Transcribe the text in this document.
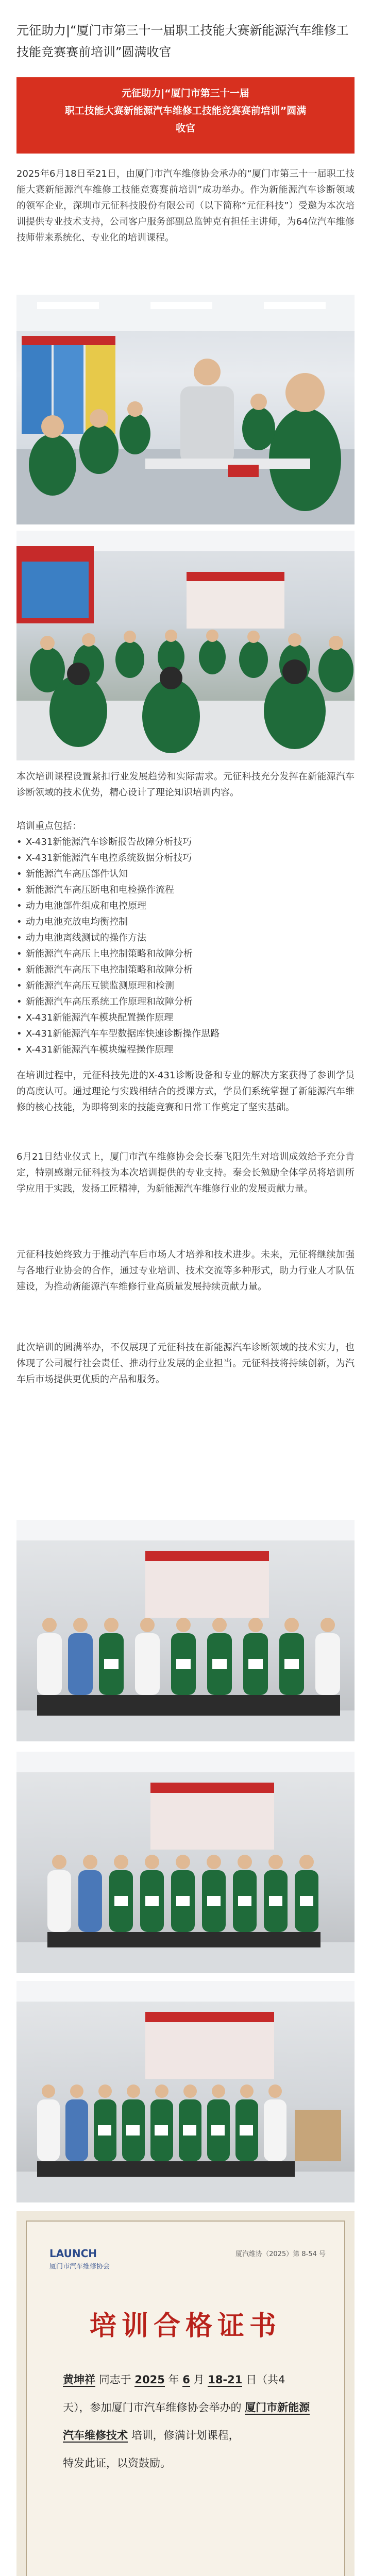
元征助力|“厦门市第三十一届职工技能大赛新能源汽车维修工技能竞赛赛前培训”圆满收官
元征助力|“厦门市第三十一届
职工技能大赛新能源汽车维修工技能竞赛赛前培训”圆满
收官
2025年6月18日至21日，由厦门市汽车维修协会承办的“厦门市第三十一届职工技能大赛新能源汽车维修工技能竞赛赛前培训”成功举办。作为新能源汽车诊断领域的领军企业，深圳市元征科技股份有限公司（以下简称“元征科技”）受邀为本次培训提供专业技术支持，公司客户服务部副总监钟克有担任主讲师，为64位汽车维修技师带来系统化、专业化的培训课程。
本次培训课程设置紧扣行业发展趋势和实际需求。元征科技充分发挥在新能源汽车诊断领域的技术优势，精心设计了理论知识培训内容。
培训重点包括：
• X-431新能源汽车诊断报告故障分析技巧
• X-431新能源汽车电控系统数据分析技巧
• 新能源汽车高压部件认知
• 新能源汽车高压断电和电检操作流程
• 动力电池部件组成和电控原理
• 动力电池充放电均衡控制
• 动力电池离线测试的操作方法
• 新能源汽车高压上电控制策略和故障分析
• 新能源汽车高压下电控制策略和故障分析
• 新能源汽车高压互锁监测原理和检测
• 新能源汽车高压系统工作原理和故障分析
• X-431新能源汽车模块配置操作原理
• X-431新能源汽车车型数据库快速诊断操作思路
• X-431新能源汽车模块编程操作原理
在培训过程中，元征科技先进的X-431诊断设备和专业的解决方案获得了参训学员的高度认可。通过理论与实践相结合的授课方式，学员们系统掌握了新能源汽车维修的核心技能，为即将到来的技能竞赛和日常工作奠定了坚实基础。
6月21日结业仪式上，厦门市汽车维修协会会长秦飞阳先生对培训成效给予充分肯定，特别感谢元征科技为本次培训提供的专业支持。秦会长勉励全体学员将培训所学应用于实践，发扬工匠精神，为新能源汽车维修行业的发展贡献力量。
元征科技始终致力于推动汽车后市场人才培养和技术进步。未来，元征将继续加强与各地行业协会的合作，通过专业培训、技术交流等多种形式，助力行业人才队伍建设，为推动新能源汽车维修行业高质量发展持续贡献力量。
此次培训的圆满举办，不仅展现了元征科技在新能源汽车诊断领域的技术实力，也体现了公司履行社会责任、推动行业发展的企业担当。元征科技将持续创新，为汽车后市场提供更优质的产品和服务。
LAUNCH
厦门市汽车维修协会
厦汽维协（2025）第 8-54 号
培训合格证书
黄坤祥 同志于 2025 年 6 月 18-21 日（共4天），参加厦门市汽车维修协会举办的 厦门市新能源汽车维修技术 培训，修满计划课程，
特发此证，以资鼓励。
